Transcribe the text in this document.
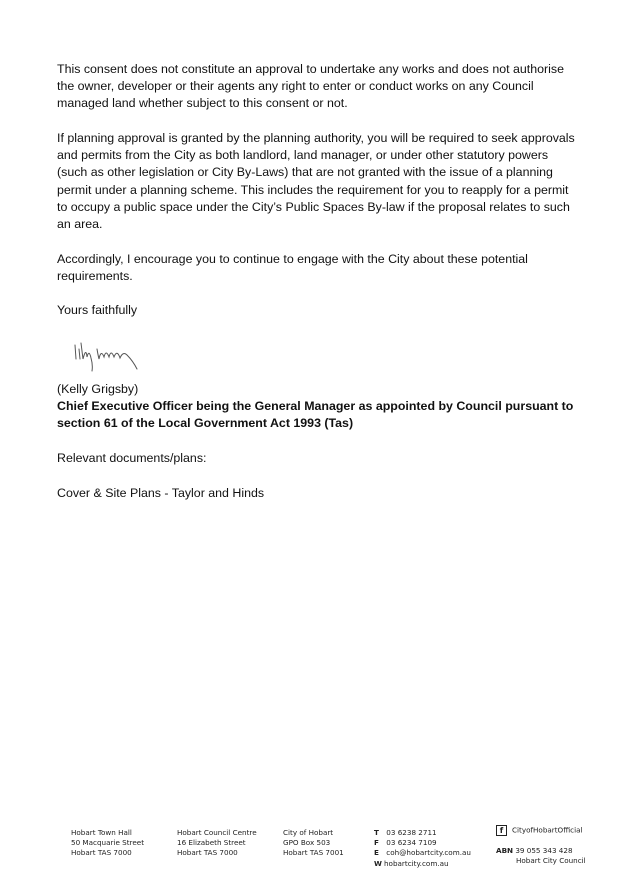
This consent does not constitute an approval to undertake any works and does not authorise the owner, developer or their agents any right to enter or conduct works on any Council managed land whether subject to this consent or not.

If planning approval is granted by the planning authority, you will be required to seek approvals and permits from the City as both landlord, land manager, or under other statutory powers (such as other legislation or City By-Laws) that are not granted with the issue of a planning permit under a planning scheme. This includes the requirement for you to reapply for a permit to occupy a public space under the City’s Public Spaces By-law if the proposal relates to such an area.

Accordingly, I encourage you to continue to engage with the City about these potential requirements.

Yours faithfully

(Kelly Grigsby)

Chief Executive Officer being the General Manager as appointed by Council pursuant to section 61 of the Local Government Act 1993 (Tas)

Relevant documents/plans:

Cover & Site Plans - Taylor and Hinds

Hobart Town Hall
50 Macquarie Street
Hobart TAS 7000
Hobart Council Centre
16 Elizabeth Street
Hobart TAS 7000
City of Hobart
GPO Box 503
Hobart TAS 7001
T 03 6238 2711
F 03 6234 7109
E coh@hobartcity.com.au
W hobartcity.com.au
f CityofHobartOfficial
ABN 39 055 343 428
Hobart City Council
